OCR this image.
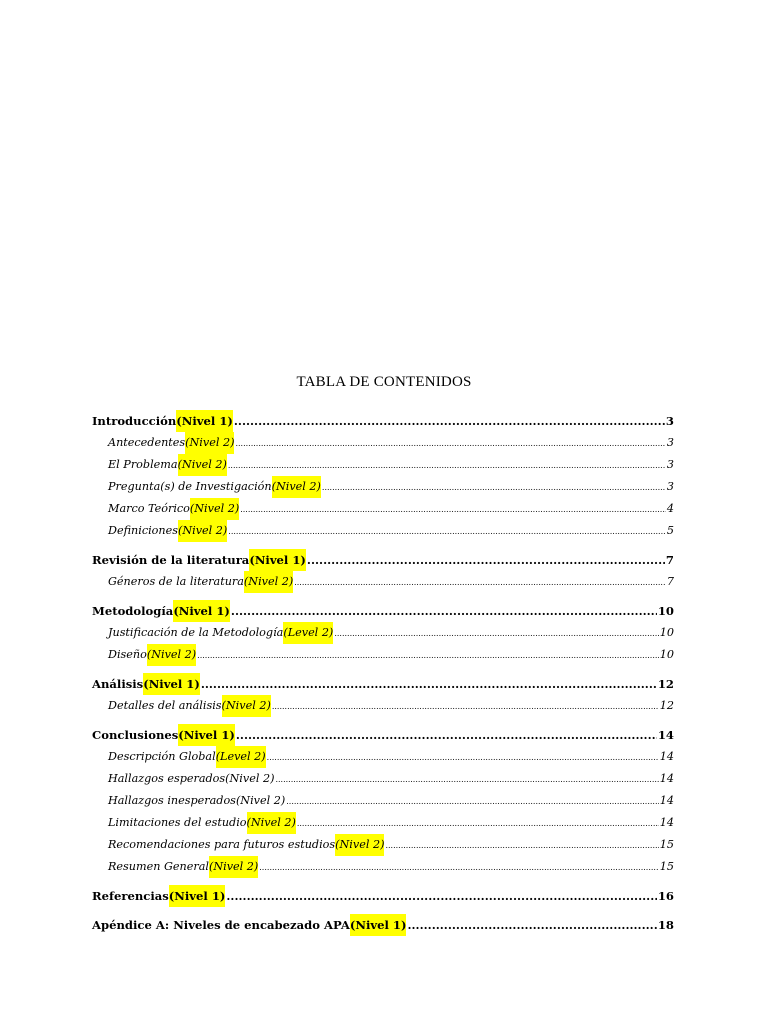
TABLA DE CONTENIDOS
Introducción (Nivel 1) .....	3
Antecedentes (Nivel 2) .....	3
El Problema (Nivel 2) .....	3
Pregunta(s) de Investigación (Nivel 2) .....	3
Marco Teórico (Nivel 2) .....	4
Definiciones (Nivel 2) .....	5
Revisión de la literatura (Nivel 1) .....	7
Géneros de la literatura (Nivel 2) .....	7
Metodología (Nivel 1) .....	10
Justificación de la Metodología (Level 2) .....	10
Diseño (Nivel 2) .....	10
Análisis (Nivel 1) .....	12
Detalles del análisis (Nivel 2) .....	12
Conclusiones (Nivel 1) .....	14
Descripción Global (Level 2) .....	14
Hallazgos esperados (Nivel 2) .....	14
Hallazgos inesperados (Nivel 2) .....	14
Limitaciones del estudio (Nivel 2) .....	14
Recomendaciones para futuros estudios (Nivel 2) .....	15
Resumen General (Nivel 2) .....	15
Referencias (Nivel 1) .....	16
Apéndice A: Niveles de encabezado APA (Nivel 1) .....	18
